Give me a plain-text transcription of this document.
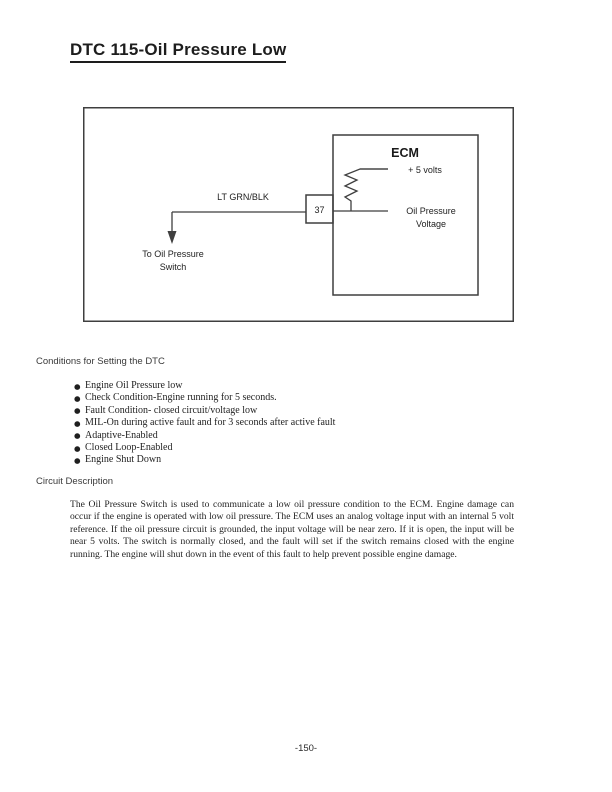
DTC 115-Oil Pressure Low
ECM
+ 5 volts
Oil Pressure
Voltage
37
LT GRN/BLK
To Oil Pressure
Switch
Conditions for Setting the DTC
● Engine Oil Pressure low
● Check Condition-Engine running for 5 seconds.
● Fault Condition- closed circuit/voltage low
● MIL-On during active fault and for 3 seconds after active fault
● Adaptive-Enabled
● Closed Loop-Enabled
● Engine Shut Down
Circuit Description
The Oil Pressure Switch is used to communicate a low oil pressure condition to the ECM. Engine damage can occur if the engine is operated with low oil pressure. The ECM uses an analog voltage input with an internal 5 volt reference. If the oil pressure circuit is grounded, the input voltage will be near zero. If it is open, the input will be near 5 volts. The switch is normally closed, and the fault will set if the switch remains closed with the engine running. The engine will shut down in the event of this fault to help prevent possible engine damage.
-150-
